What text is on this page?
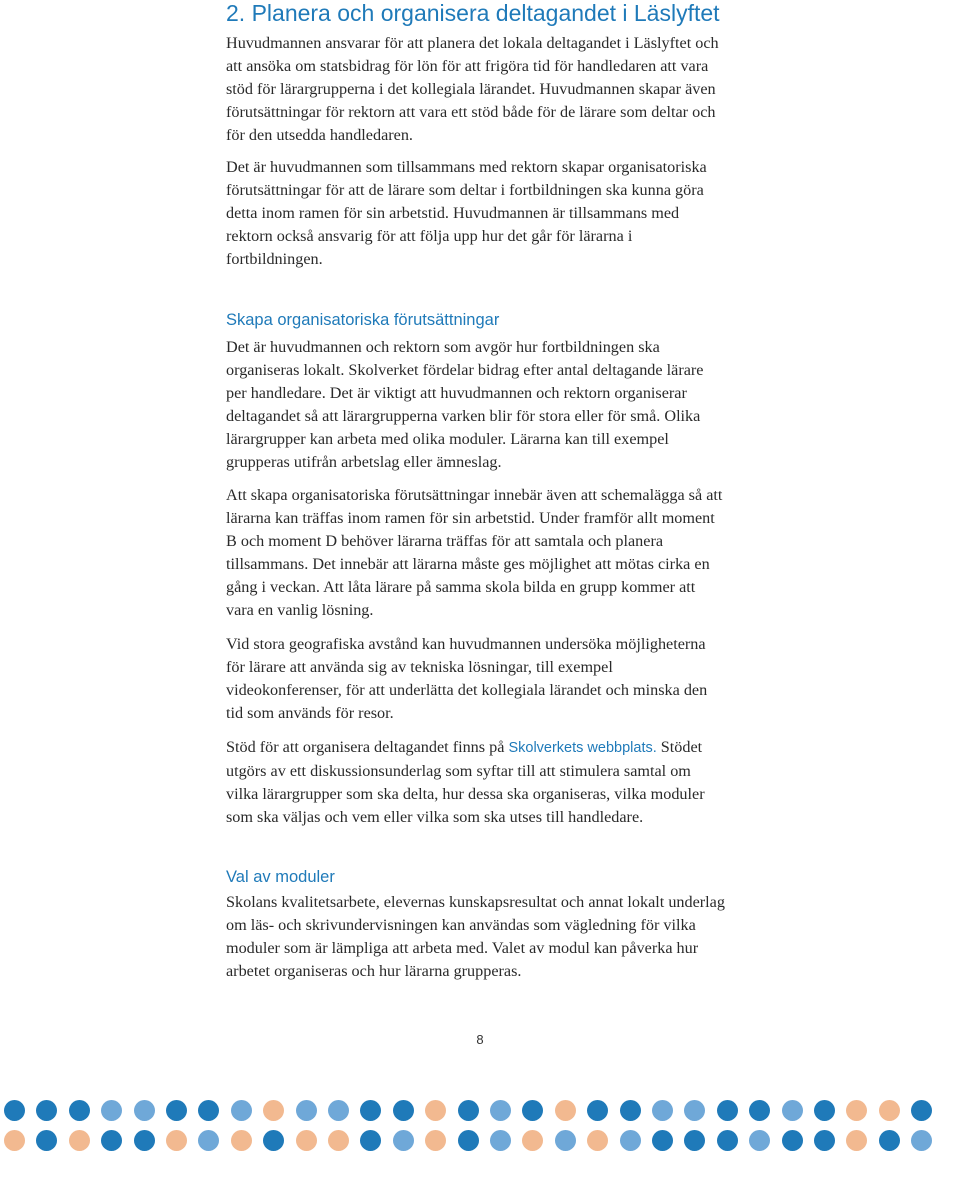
2. Planera och organisera deltagandet i Läslyftet

Huvudmannen ansvarar för att planera det lokala deltagandet i Läslyftet och att ansöka om statsbidrag för lön för att frigöra tid för handledaren att vara stöd för lärargrupperna i det kollegiala lärandet. Huvudmannen skapar även förutsättningar för rektorn att vara ett stöd både för de lärare som deltar och för den utsedda handledaren.

Det är huvudmannen som tillsammans med rektorn skapar organisatoriska förutsättningar för att de lärare som deltar i fortbildningen ska kunna göra detta inom ramen för sin arbetstid. Huvudmannen är tillsammans med rektorn också ansvarig för att följa upp hur det går för lärarna i fortbildningen.

Skapa organisatoriska förutsättningar

Det är huvudmannen och rektorn som avgör hur fortbildningen ska organiseras lokalt. Skolverket fördelar bidrag efter antal deltagande lärare per handledare. Det är viktigt att huvudmannen och rektorn organiserar deltagandet så att lärargrupperna varken blir för stora eller för små. Olika lärargrupper kan arbeta med olika moduler. Lärarna kan till exempel grupperas utifrån arbetslag eller ämneslag.

Att skapa organisatoriska förutsättningar innebär även att schemalägga så att lärarna kan träffas inom ramen för sin arbetstid. Under framför allt moment B och moment D behöver lärarna träffas för att samtala och planera tillsammans. Det innebär att lärarna måste ges möjlighet att mötas cirka en gång i veckan. Att låta lärare på samma skola bilda en grupp kommer att vara en vanlig lösning.

Vid stora geografiska avstånd kan huvudmannen undersöka möjligheterna för lärare att använda sig av tekniska lösningar, till exempel videokonferenser, för att underlätta det kollegiala lärandet och minska den tid som används för resor.

Stöd för att organisera deltagandet finns på Skolverkets webbplats. Stödet utgörs av ett diskussionsunderlag som syftar till att stimulera samtal om vilka lärargrupper som ska delta, hur dessa ska organiseras, vilka moduler som ska väljas och vem eller vilka som ska utses till handledare.

Val av moduler

Skolans kvalitetsarbete, elevernas kunskapsresultat och annat lokalt underlag om läs- och skrivundervisningen kan användas som vägledning för vilka moduler som är lämpliga att arbeta med. Valet av modul kan påverka hur arbetet organiseras och hur lärarna grupperas.

8
